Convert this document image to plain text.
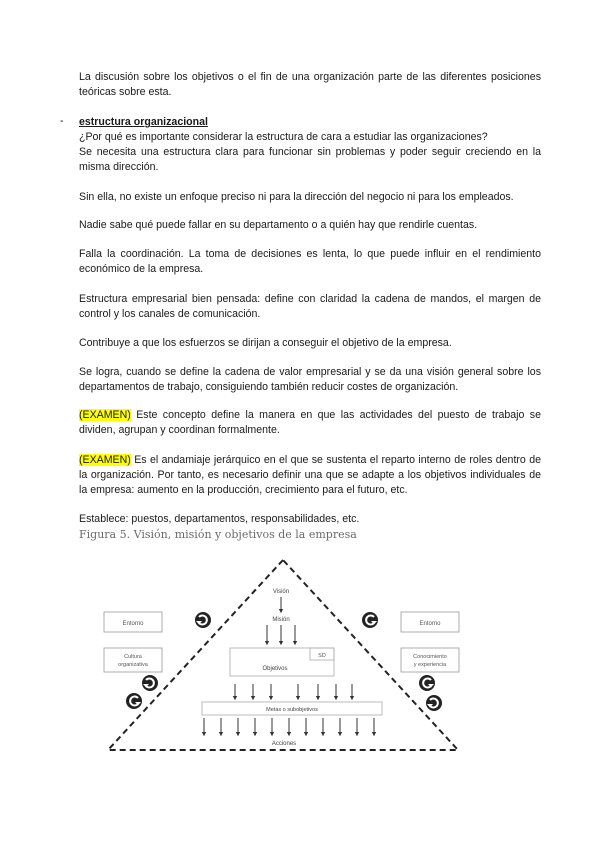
La discusión sobre los objetivos o el fin de una organización parte de las diferentes posiciones teóricas sobre esta.

- estructura organizacional
¿Por qué es importante considerar la estructura de cara a estudiar las organizaciones?
Se necesita una estructura clara para funcionar sin problemas y poder seguir creciendo en la misma dirección.

Sin ella, no existe un enfoque preciso ni para la dirección del negocio ni para los empleados.

Nadie sabe qué puede fallar en su departamento o a quién hay que rendirle cuentas.

Falla la coordinación. La toma de decisiones es lenta, lo que puede influir en el rendimiento económico de la empresa.

Estructura empresarial bien pensada: define con claridad la cadena de mandos, el margen de control y los canales de comunicación.

Contribuye a que los esfuerzos se dirijan a conseguir el objetivo de la empresa.

Se logra, cuando se define la cadena de valor empresarial y se da una visión general sobre los departamentos de trabajo, consiguiendo también reducir costes de organización.

(EXAMEN) Este concepto define la manera en que las actividades del puesto de trabajo se dividen, agrupan y coordinan formalmente.

(EXAMEN) Es el andamiaje jerárquico en el que se sustenta el reparto interno de roles dentro de la organización. Por tanto, es necesario definir una que se adapte a los objetivos individuales de la empresa: aumento en la producción, crecimiento para el futuro, etc.

Establece: puestos, departamentos, responsabilidades, etc.

Figura 5. Visión, misión y objetivos de la empresa
Visión
Misión
SD
Objetivos
Metas o subobjetivos
Acciones
Entorno
Cultura
organizativa
Entorno
Conocimiento
y experiencia
